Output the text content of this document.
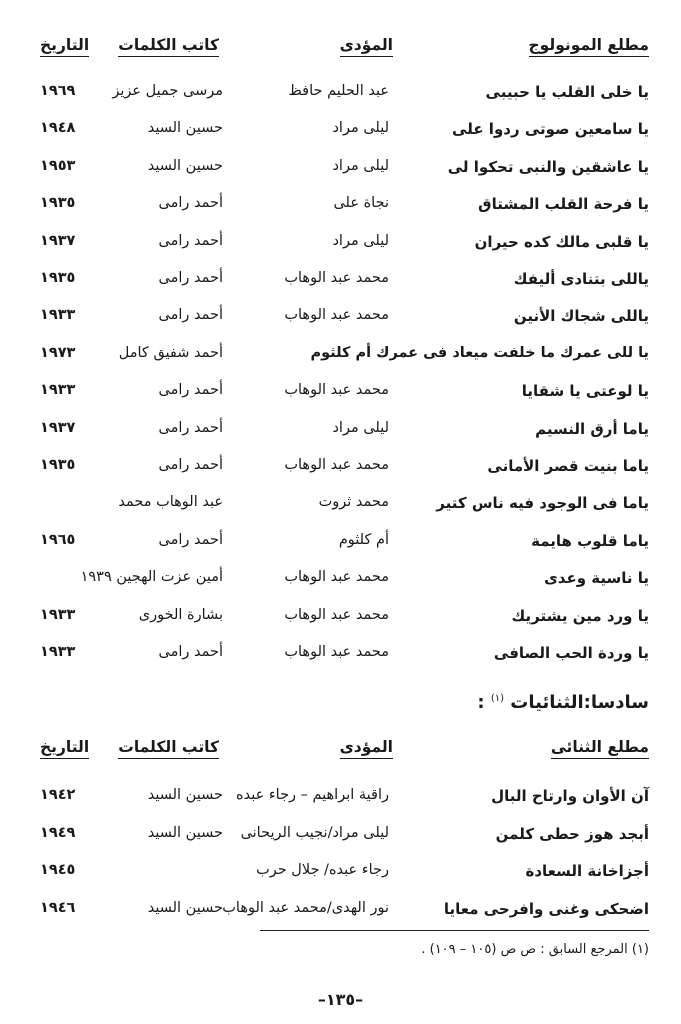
مطلع المونولوج
المؤدى
كاتب الكلمات
التاريخ
يا خلى القلب يا حبيبى
عبد الحليم حافظ
مرسى جميل عزيز
١٩٦٩
يا سامعين صوتى ردوا على
ليلى مراد
حسين السيد
١٩٤٨
يا عاشقين والنبى تحكوا لى
ليلى مراد
حسين السيد
١٩٥٣
يا فرحة القلب المشتاق
نجاة على
أحمد رامى
١٩٣٥
يا قلبى مالك كده حيران
ليلى مراد
أحمد رامى
١٩٣٧
ياللى بتنادى أليفك
محمد عبد الوهاب
أحمد رامى
١٩٣٥
ياللى شجاك الأنين
محمد عبد الوهاب
أحمد رامى
١٩٣٣
يا للى عمرك ما خلفت ميعاد فى عمرك أم كلثوم
أحمد شفيق كامل
١٩٧٣
يا لوعتى يا شقايا
محمد عبد الوهاب
أحمد رامى
١٩٣٣
ياما أرق النسيم
ليلى مراد
أحمد رامى
١٩٣٧
ياما بنيت قصر الأمانى
محمد عبد الوهاب
أحمد رامى
١٩٣٥
ياما فى الوجود فيه ناس كتير
محمد ثروت
عبد الوهاب محمد
ياما قلوب هايمة
أم كلثوم
أحمد رامى
١٩٦٥
يا ناسية وعدى
محمد عبد الوهاب
أمين عزت الهجين ١٩٣٩
يا ورد مين يشتريك
محمد عبد الوهاب
بشارة الخورى
١٩٣٣
يا وردة الحب الصافى
محمد عبد الوهاب
أحمد رامى
١٩٣٣
سادسا:الثنائيات $^{(١)}$ :
مطلع الثنائى
المؤدى
كاتب الكلمات
التاريخ
آن الأوان وارتاح البال
راقية ابراهيم – رجاء عبده
حسين السيد
١٩٤٢
أبجد هوز حطى كلمن
ليلى مراد/نجيب الريحانى
حسين السيد
١٩٤٩
أجزاخانة السعادة
رجاء عبده/ جلال حرب
١٩٤٥
اضحكى وغنى وافرحى معايا
نور الهدى/محمد عبد الوهاب
حسين السيد
١٩٤٦
(١) المرجع السابق : ص ص (١٠٥ – ١٠٩) .
–١٣٥–
